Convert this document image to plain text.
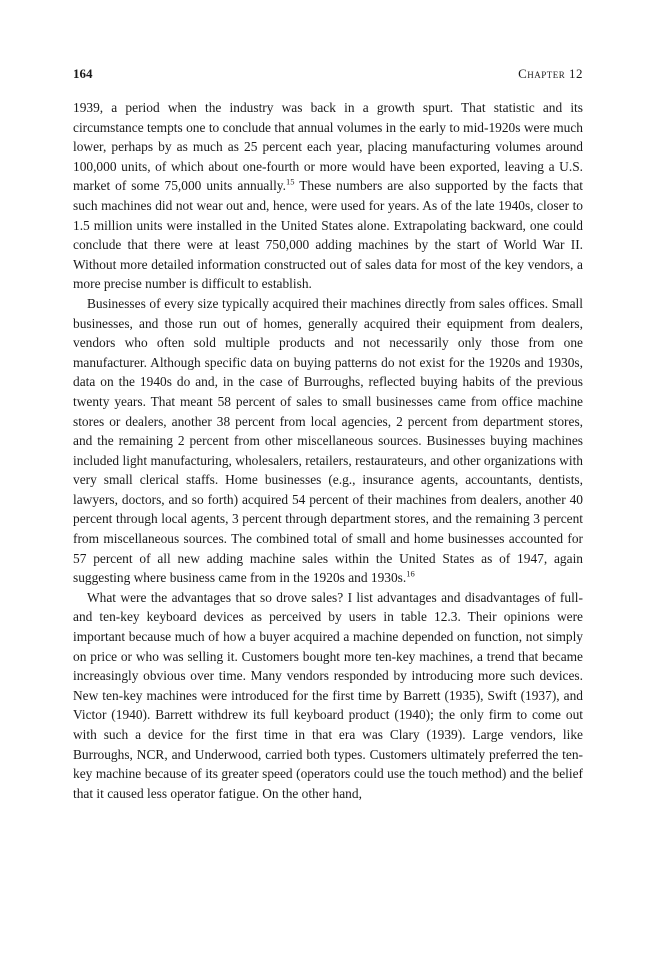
164	Chapter 12

1939, a period when the industry was back in a growth spurt. That statistic and its circumstance tempts one to conclude that annual volumes in the early to mid-1920s were much lower, perhaps by as much as 25 percent each year, placing manufacturing volumes around 100,000 units, of which about one-fourth or more would have been exported, leaving a U.S. market of some 75,000 units annually.$^{15}$ These numbers are also supported by the facts that such machines did not wear out and, hence, were used for years. As of the late 1940s, closer to 1.5 million units were installed in the United States alone. Extrapolating backward, one could conclude that there were at least 750,000 adding machines by the start of World War II. Without more detailed information constructed out of sales data for most of the key vendors, a more precise number is difficult to establish.

Businesses of every size typically acquired their machines directly from sales offices. Small businesses, and those run out of homes, generally acquired their equipment from dealers, vendors who often sold multiple products and not necessarily only those from one manufacturer. Although specific data on buying patterns do not exist for the 1920s and 1930s, data on the 1940s do and, in the case of Burroughs, reflected buying habits of the previous twenty years. That meant 58 percent of sales to small businesses came from office machine stores or dealers, another 38 percent from local agencies, 2 percent from department stores, and the remaining 2 percent from other miscellaneous sources. Businesses buying machines included light manufacturing, wholesalers, retailers, restaurateurs, and other organizations with very small clerical staffs. Home businesses (e.g., insurance agents, accountants, dentists, lawyers, doctors, and so forth) acquired 54 percent of their machines from dealers, another 40 percent through local agents, 3 percent through department stores, and the remaining 3 percent from miscellaneous sources. The combined total of small and home businesses accounted for 57 percent of all new adding machine sales within the United States as of 1947, again suggesting where business came from in the 1920s and 1930s.$^{16}$

What were the advantages that so drove sales? I list advantages and disadvantages of full- and ten-key keyboard devices as perceived by users in table 12.3. Their opinions were important because much of how a buyer acquired a machine depended on function, not simply on price or who was selling it. Customers bought more ten-key machines, a trend that became increasingly obvious over time. Many vendors responded by introducing more such devices. New ten-key machines were introduced for the first time by Barrett (1935), Swift (1937), and Victor (1940). Barrett withdrew its full keyboard product (1940); the only firm to come out with such a device for the first time in that era was Clary (1939). Large vendors, like Burroughs, NCR, and Underwood, carried both types. Customers ultimately preferred the ten-key machine because of its greater speed (operators could use the touch method) and the belief that it caused less operator fatigue. On the other hand,
